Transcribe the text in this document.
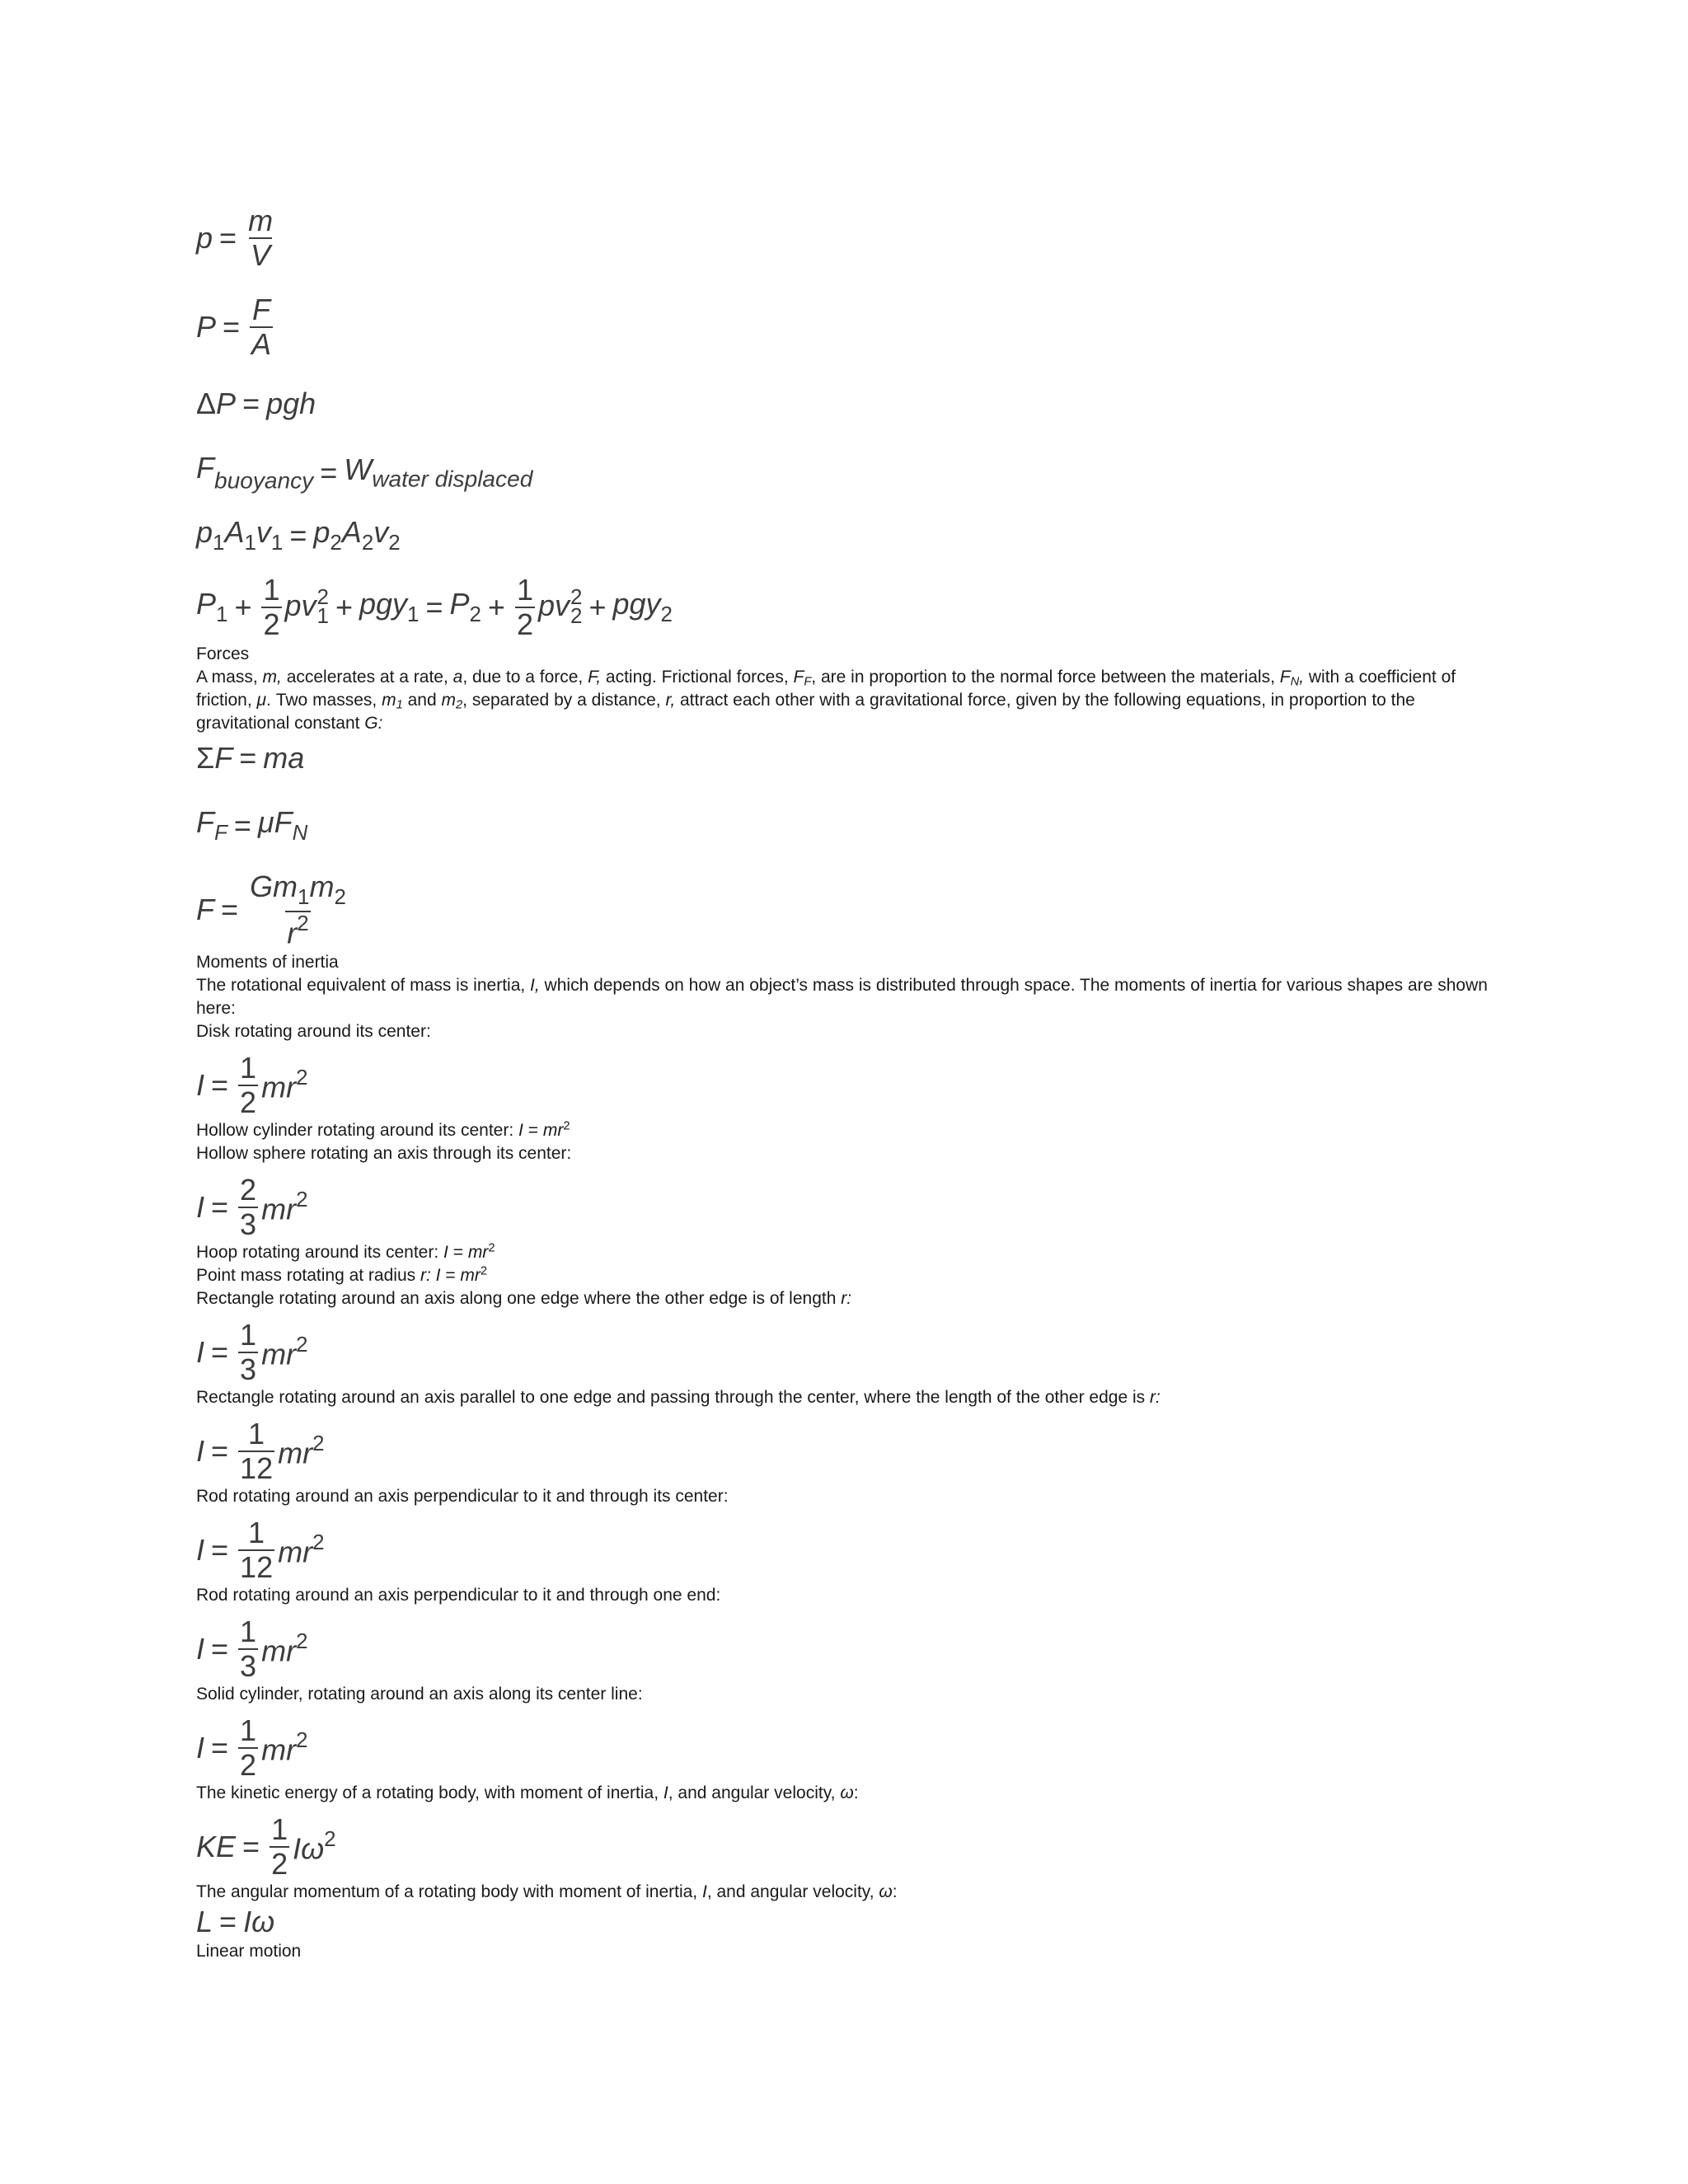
$p = \frac{m}{V}$
$P = \frac{F}{A}$
Δ P = pgh
$F_{buoyancy} = W_{water displaced}$
$p_1A_1v_1 = p_2A_2v_2$
$P_1 + \frac{1}{2}$ pv 2
$1 + pgy_1 = P_2 + \frac{1}{2}$ pv 2
2 + pgy$_2$
Forces
A mass, m, accelerates at a rate, a, due to a force, F, acting. Frictional forces, $F_F$, are in proportion to the normal force between the materials, $F_N$, with a coefficient of friction, μ. Two masses, $m_1$ and $m_2$, separated by a distance, r, attract each other with a gravitational force, given by the following equations, in proportion to the gravitational constant G:
Σ F = ma
$F_F = \mu F_N$
$F = \frac{Gm_1m_2}{r^2}$
Moments of inertia
The rotational equivalent of mass is inertia, I, which depends on how an object’s mass is distributed through space. The moments of inertia for various shapes are shown here:
Disk rotating around its center:
$I = \frac{1}{2} mr^2$
Hollow cylinder rotating around its center: $I = mr^2$
Hollow sphere rotating an axis through its center:
$I = \frac{2}{3} mr^2$
Hoop rotating around its center: $I = mr^2$
Point mass rotating at radius r: $I = mr^2$
Rectangle rotating around an axis along one edge where the other edge is of length r:
$I = \frac{1}{3} mr^2$
Rectangle rotating around an axis parallel to one edge and passing through the center, where the length of the other edge is r:
$I = \frac{1}{12} mr^2$
Rod rotating around an axis perpendicular to it and through its center:
$I = \frac{1}{12} mr^2$
Rod rotating around an axis perpendicular to it and through one end:
$I = \frac{1}{3} mr^2$
Solid cylinder, rotating around an axis along its center line:
$I = \frac{1}{2} mr^2$
The kinetic energy of a rotating body, with moment of inertia, I, and angular velocity, ω:
KE = $\frac{1}{2} I\omega^2$
The angular momentum of a rotating body with moment of inertia, I, and angular velocity, ω:
L = Iω
Linear motion
